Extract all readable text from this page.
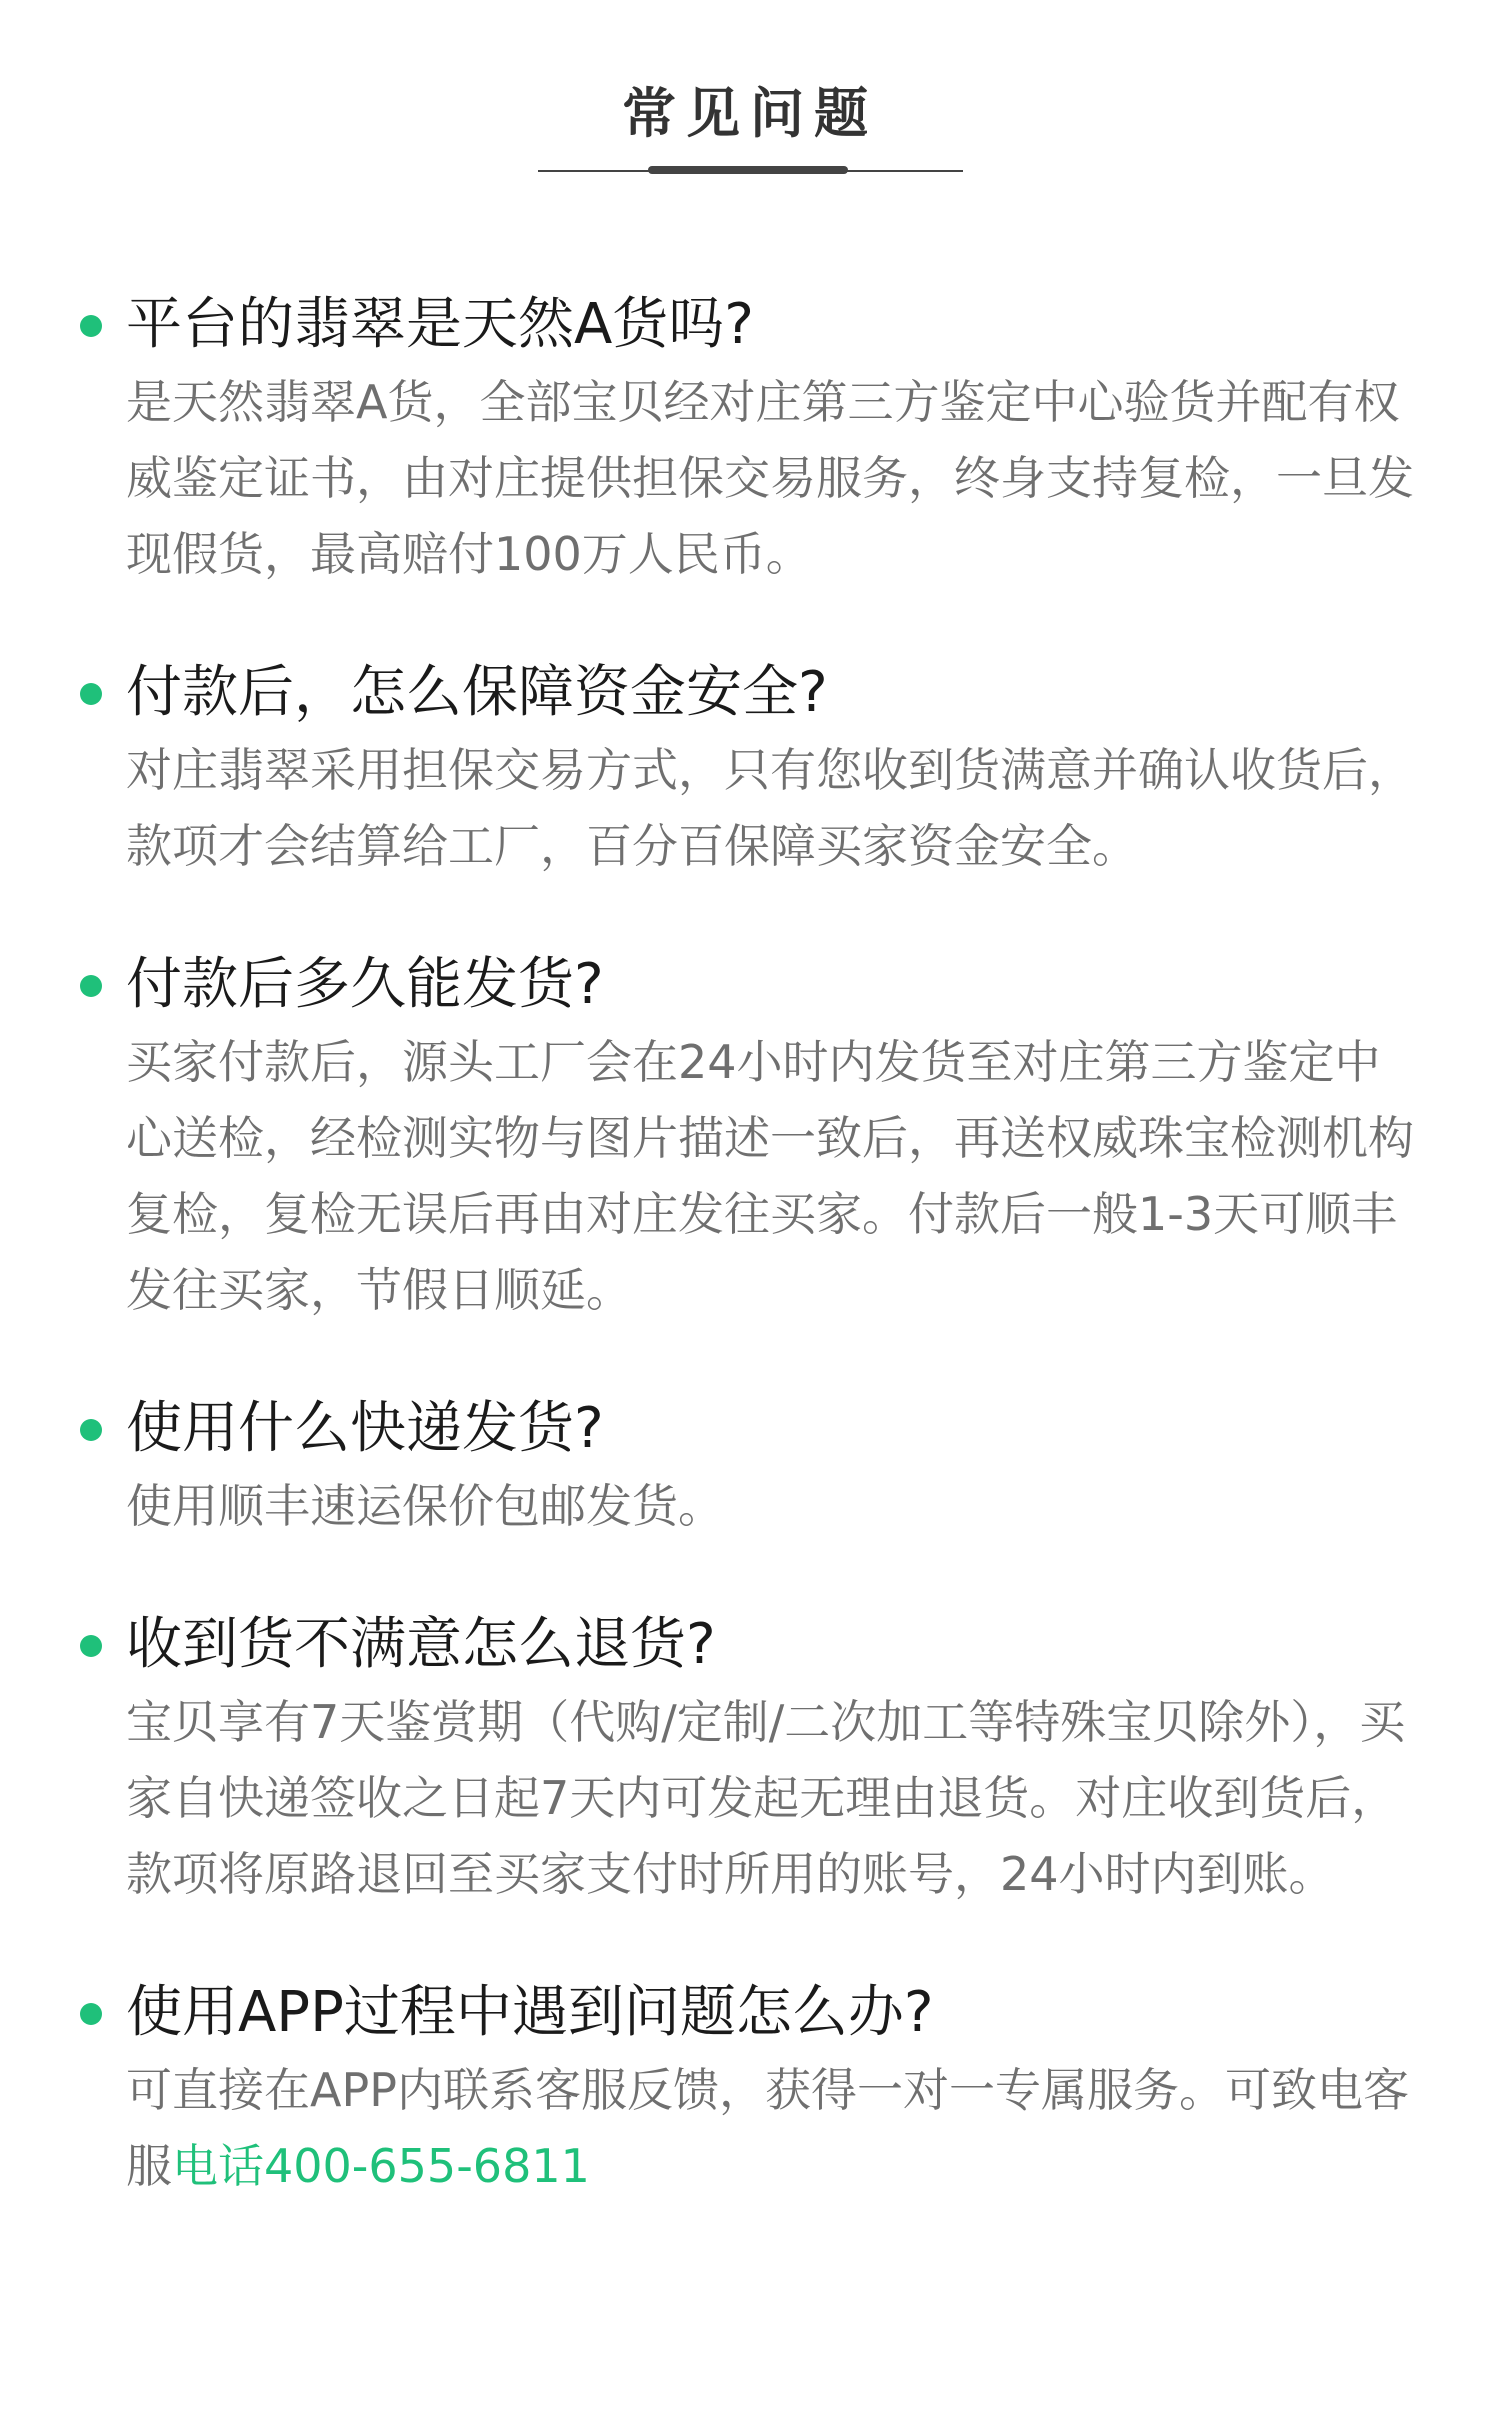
常见问题
平台的翡翠是天然A货吗?
是天然翡翠A货，全部宝贝经对庄第三方鉴定中心验货并配有权威鉴定证书，由对庄提供担保交易服务，终身支持复检，一旦发现假货，最高赔付100万人民币。
付款后，怎么保障资金安全?
对庄翡翠采用担保交易方式，只有您收到货满意并确认收货后，款项才会结算给工厂，百分百保障买家资金安全。
付款后多久能发货?
买家付款后，源头工厂会在24小时内发货至对庄第三方鉴定中心送检，经检测实物与图片描述一致后，再送权威珠宝检测机构复检，复检无误后再由对庄发往买家。付款后一般1-3天可顺丰发往买家，节假日顺延。
使用什么快递发货?
使用顺丰速运保价包邮发货。
收到货不满意怎么退货?
宝贝享有7天鉴赏期（代购/定制/二次加工等特殊宝贝除外），买家自快递签收之日起7天内可发起无理由退货。对庄收到货后，款项将原路退回至买家支付时所用的账号，24小时内到账。
使用APP过程中遇到问题怎么办?
可直接在APP内联系客服反馈，获得一对一专属服务。可致电客服电话400-655-6811
